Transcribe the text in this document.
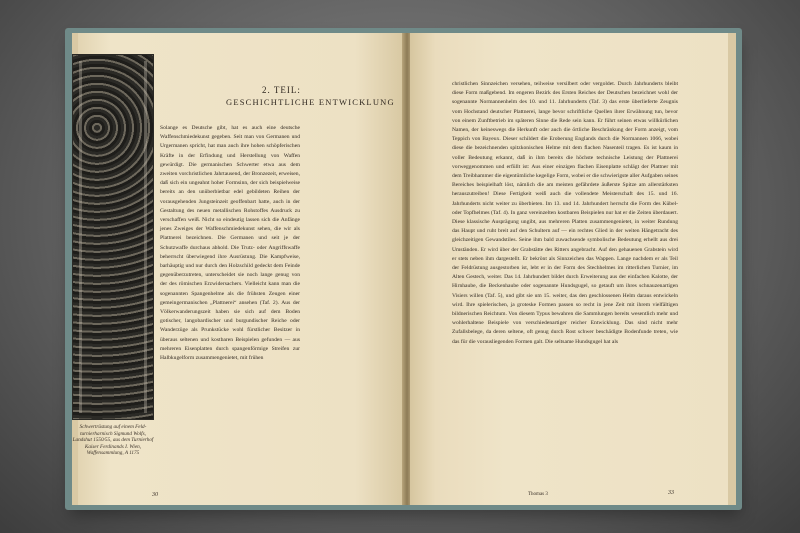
Schwertrüstung auf einem Feld-turnierharnisch Sigmund Wolfs, Landshut 1550/55, aus dem Turnierhof Kaiser Ferdinands I. Wien, Waffensammlung, A 1175
2. TEIL:
GESCHICHTLICHE ENTWICKLUNG

Solange es Deutsche gibt, hat es auch eine deutsche Waffenschmiedekunst gegeben. Seit man von Germanen und Urgermanen spricht, hat man auch ihre hohen schöpferischen Kräfte in der Erfindung und Herstellung von Waffen gewürdigt. Die germanischen Schwerter etwa aus dem zweiten vorchristlichen Jahrtausend, der Bronzezeit, erweisen, daß sich ein ungeahnt hoher Formsinn, der sich beispielweise bereits an den unüberbietbar edel gebildeten Reihen der vorausgehenden Jungsteinzeit geoffenbart hatte, auch in der Gestaltung des neuen metallischen Rohstoffes Ausdruck zu verschaffen weiß. Nicht so eindeutig lassen sich die Anfänge jenes Zweiges der Waffenschmiedekunst sehen, die wir als Plattnerei bezeichnen. Die Germanen und seit je der Schutzwaffe durchaus abhold. Die Trutz- oder Angriffswaffe beherrscht überwiegend ihre Ausrüstung. Die Kampfweise, barhäuptig und nur durch den Holzschild gedeckt dem Feinde gegenüberzutreten, unterscheidet sie noch lange genug von der des römischen Erzwidersachers. Vielleicht kann man die sogenannten Spangenhelme als die frühsten Zeugen einer gemeingermanischen „Plattnerei“ ansehen (Taf. 2). Aus der Völkerwanderungszeit haben sie sich auf dem Boden gotischer, langobardischer und burgundischer Reiche oder Wanderzüge als Prunkstücke wohl fürstlicher Besitzer in überaus seltenen und kostbaren Beispielen gefunden — aus mehreren Eisenplatten durch spangenförmige Streifen zur Halbkugelform zusammengenietet, mit frühen

christlichen Sinnzeichen versehen, teilweise versilbert oder vergoldet. Durch Jahrhunderts bleibt diese Form maßgebend. Im engeren Bezirk des Ersten Reiches der Deutschen bezeichnet wohl der sogenannte Normannenhelm des 10. und 11. Jahrhunderts (Taf. 3) das erste überlieferte Zeugnis vom Hochstand deutscher Plattnerei, lange bevor schriftliche Quellen ihrer Erwähnung tun, bevor von einem Zunftbetrieb im späteren Sinne die Rede sein kann. Er führt seinen etwas willkürlichen Namen, der keineswegs die Herkunft oder auch die örtliche Beschränkung der Form anzeigt, vom Teppich von Bayeux. Dieser schildert die Eroberung Englands durch die Normannen 1066, wobei diese die bezeichnenden spitzkonischen Helme mit dem flachen Nasenteil tragen. Es ist kaum in voller Bedeutung erkannt, daß in ihm bereits die höchste technische Leistung der Plattnerei vorweggenommen und erfüllt ist: Aus einer einzigen flachen Eisenplatte schlägt der Plattner mit dem Treibhammer die eigentümliche kegelige Form, wobei er die schwierigste aller Aufgaben seines Bereiches beispielhaft löst, nämlich die am meisten gefährdete äußerste Spitze am allerstärksten herauszutreiben! Diese Fertigkeit weiß auch die vollendete Meisterschaft des 15. und 16. Jahrhunderts nicht weiter zu überbieten. Im 13. und 14. Jahrhundert herrscht die Form des Kübel- oder Topfhelmes (Taf. 4). In ganz vereinzelten kostbaren Beispielen nur hat er die Zeiten überdauert. Diese klassische Ausprägung ungibt, aus mehreren Platten zusammengenietet, in weiter Rundung das Haupt und ruht breit auf den Schultern auf — ein rechtes Glied in der weiten Hängetracht des gleichzeitigen Gewandstiles. Seine ihm bald zuwachsende symbolische Bedeutung erhellt aus drei Umständen. Er wird über der Grabstätte des Ritters angebracht. Auf den gehauenen Grabstein wird er stets neben ihm dargestellt. Er bekrönt als Sinnzeichen das Wappen. Lange nachdem er als Teil der Feldrüstung ausgestorben ist, lebt er in der Form des Stechhelmes im ritterlichen Turnier, im Alten Gestech, weiter. Das 14. Jahrhundert bildet durch Erweiterung aus der einfachen Kalotte, der Hirnhaube, die Beckenhaube oder sogenannte Hundsgugel, so getauft um ihres schnauzenartigen Visiers willen (Taf. 5), und gibt sie um 15. weiter, das den geschlossenen Helm daraus entwickeln wird. Ihre spielerischen, ja groteske Formen passen so recht in jene Zeit mit ihrem vielfältigen bildnerischen Reichtum. Von diesem Typus bewahren die Sammlungen bereits wesentlich mehr und wohlerhaltene Beispiele von verschiedenartiger reicher Entwicklung. Das sind nicht mehr Zufallsbelege, da deren seltene, oft genug durch Rost schwer beschädigte Bodenfunde treten, wie das für die vorausliegenden Formen galt. Die seltsame Hundsgugel hat als

30	Thomas 3	33
